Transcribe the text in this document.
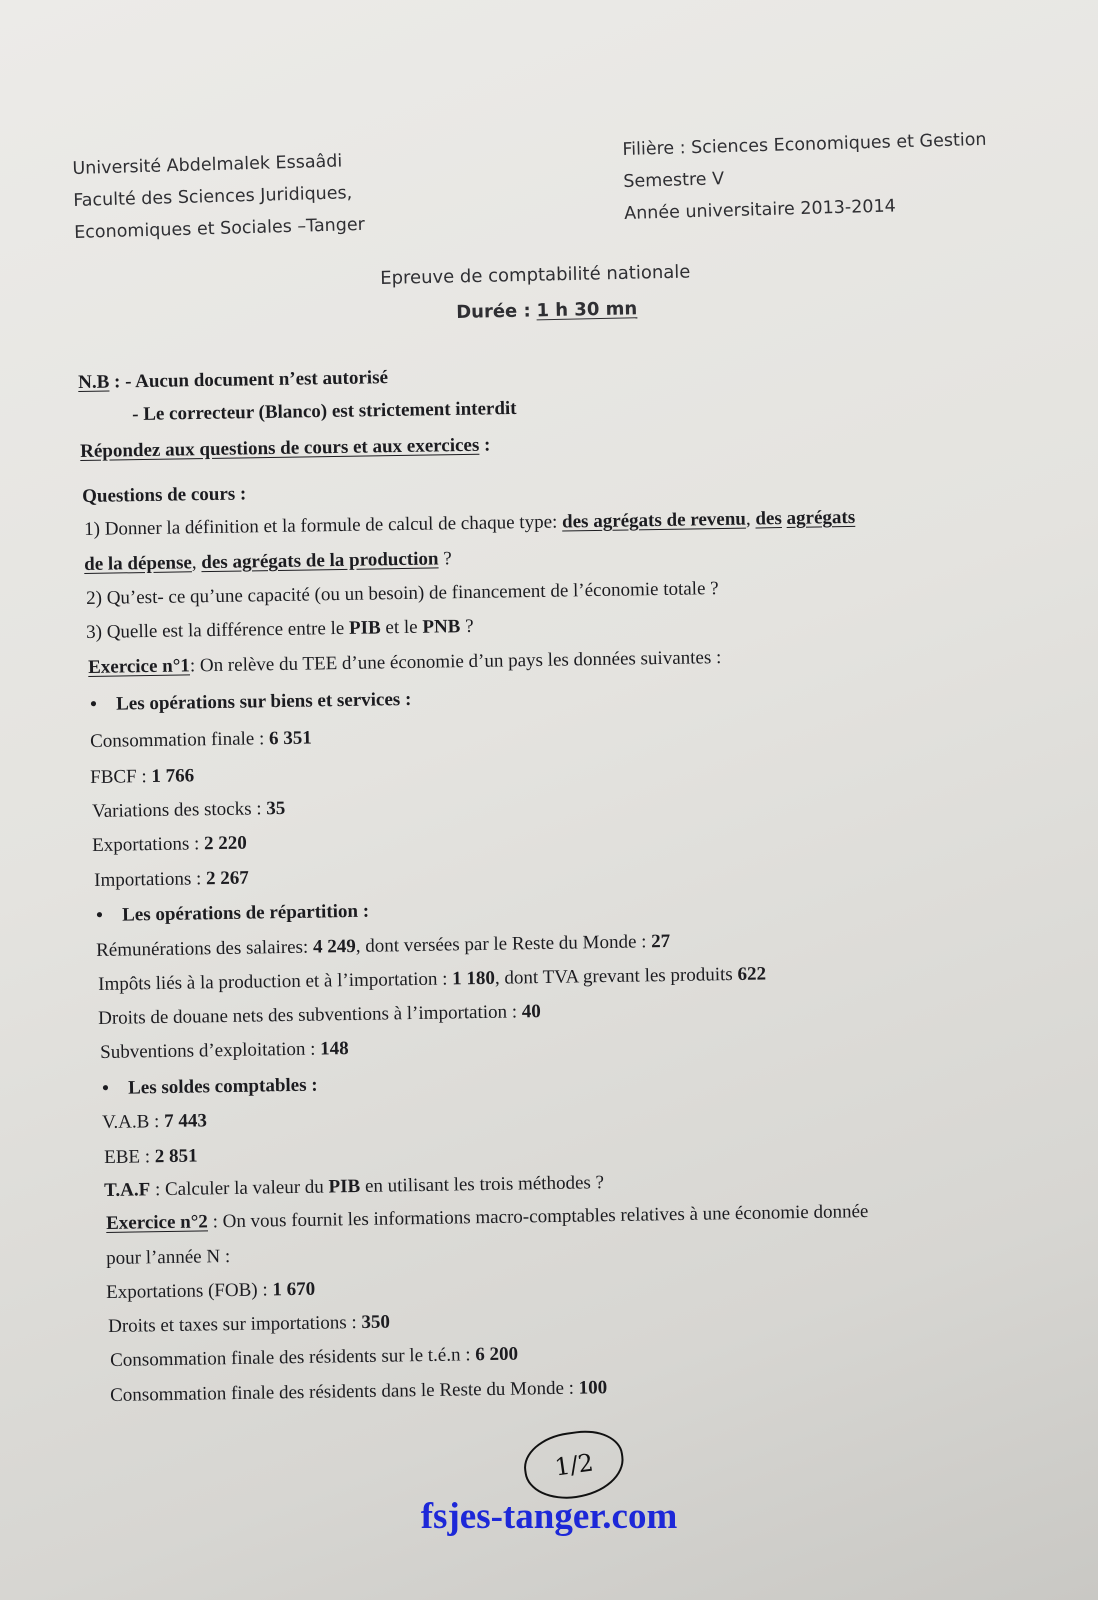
Université Abdelmalek Essaâdi
Faculté des Sciences Juridiques,
Economiques et Sociales –Tanger
Filière : Sciences Economiques et Gestion
Semestre V
Année universitaire 2013-2014
Epreuve de comptabilité nationale
Durée : 1 h 30 mn
N.B : - Aucun document n’est autorisé
- Le correcteur (Blanco) est strictement interdit
Répondez aux questions de cours et aux exercices :
Questions de cours :
1) Donner la définition et la formule de calcul de chaque type: des agrégats de revenu, des agrégats
de la dépense, des agrégats de la production ?
2) Qu’est- ce qu’une capacité (ou un besoin) de financement de l’économie totale ?
3) Quelle est la différence entre le PIB et le PNB ?
Exercice n°1: On relève du TEE d’une économie d’un pays les données suivantes :
• Les opérations sur biens et services :
Consommation finale : 6 351
FBCF : 1 766
Variations des stocks : 35
Exportations : 2 220
Importations : 2 267
• Les opérations de répartition :
Rémunérations des salaires: 4 249, dont versées par le Reste du Monde : 27
Impôts liés à la production et à l’importation : 1 180, dont TVA grevant les produits 622
Droits de douane nets des subventions à l’importation : 40
Subventions d’exploitation : 148
• Les soldes comptables :
V.A.B : 7 443
EBE : 2 851
T.A.F : Calculer la valeur du PIB en utilisant les trois méthodes ?
Exercice n°2 : On vous fournit les informations macro-comptables relatives à une économie donnée
pour l’année N :
Exportations (FOB) : 1 670
Droits et taxes sur importations : 350
Consommation finale des résidents sur le t.é.n : 6 200
Consommation finale des résidents dans le Reste du Monde : 100
1/2
fsjes-tanger.com
